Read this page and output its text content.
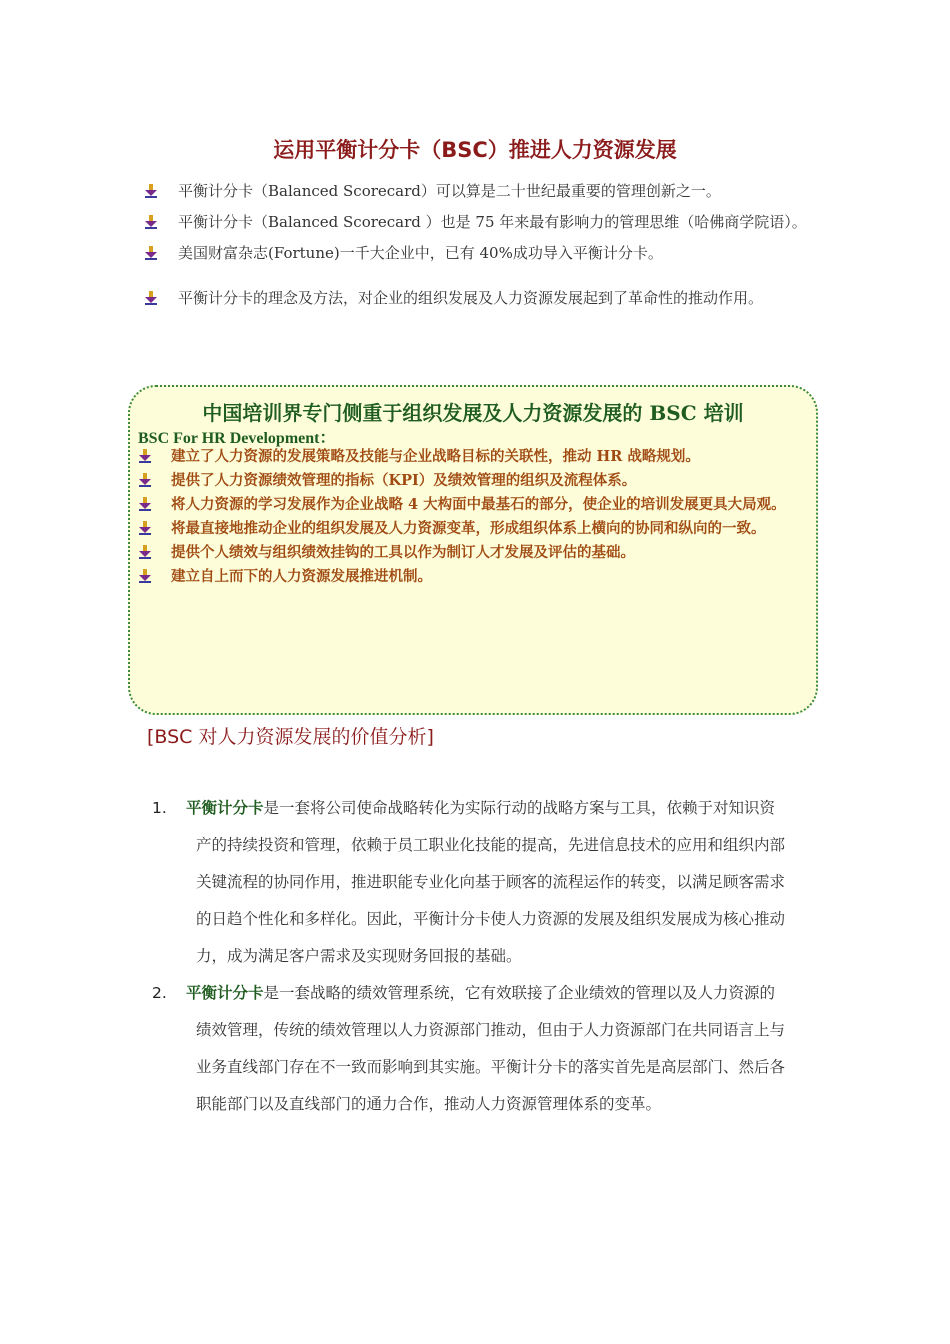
运用平衡计分卡（BSC）推进人力资源发展
平衡计分卡（Balanced Scorecard）可以算是二十世纪最重要的管理创新之一。
平衡计分卡（Balanced Scorecard ）也是 75 年来最有影响力的管理思维（哈佛商学院语）。
美国财富杂志(Fortune)一千大企业中，已有 40%成功导入平衡计分卡。
平衡计分卡的理念及方法，对企业的组织发展及人力资源发展起到了革命性的推动作用。
中国培训界专门侧重于组织发展及人力资源发展的 BSC 培训
BSC For HR Development：
建立了人力资源的发展策略及技能与企业战略目标的关联性，推动 HR 战略规划。
提供了人力资源绩效管理的指标（KPI）及绩效管理的组织及流程体系。
将人力资源的学习发展作为企业战略 4 大构面中最基石的部分，使企业的培训发展更具大局观。
将最直接地推动企业的组织发展及人力资源变革，形成组织体系上横向的协同和纵向的一致。
提供个人绩效与组织绩效挂钩的工具以作为制订人才发展及评估的基础。
建立自上而下的人力资源发展推进机制。
[BSC 对人力资源发展的价值分析]
1. 平衡计分卡是一套将公司使命战略转化为实际行动的战略方案与工具，依赖于对知识资产的持续投资和管理，依赖于员工职业化技能的提高，先进信息技术的应用和组织内部关键流程的协同作用，推进职能专业化向基于顾客的流程运作的转变，以满足顾客需求的日趋个性化和多样化。因此，平衡计分卡使人力资源的发展及组织发展成为核心推动力，成为满足客户需求及实现财务回报的基础。
2. 平衡计分卡是一套战略的绩效管理系统，它有效联接了企业绩效的管理以及人力资源的绩效管理，传统的绩效管理以人力资源部门推动，但由于人力资源部门在共同语言上与业务直线部门存在不一致而影响到其实施。平衡计分卡的落实首先是高层部门、然后各职能部门以及直线部门的通力合作，推动人力资源管理体系的变革。
